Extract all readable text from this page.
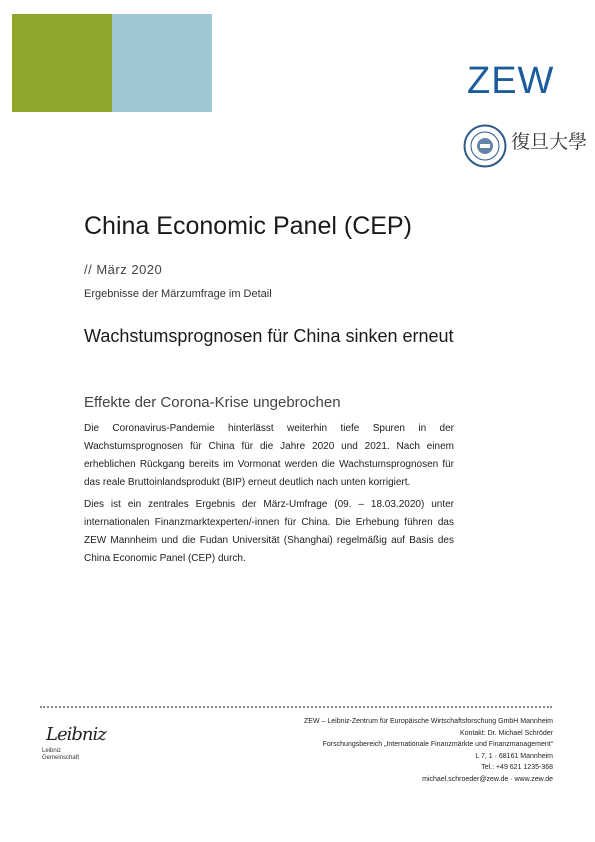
ZEW
復旦大學
China Economic Panel (CEP)
// März 2020
Ergebnisse der Märzumfrage im Detail
Wachstumsprognosen für China sinken erneut
Effekte der Corona-Krise ungebrochen

Die Coronavirus-Pandemie hinterlässt weiterhin tiefe Spuren in der Wachstumsprognosen für China für die Jahre 2020 und 2021. Nach einem erheblichen Rückgang bereits im Vormonat werden die Wachstumsprognosen für das reale Bruttoinlandsprodukt (BIP) erneut deutlich nach unten korrigiert.

Dies ist ein zentrales Ergebnis der März-Umfrage (09. – 18.03.2020) unter internationalen Finanzmarktexperten/-innen für China. Die Erhebung führen das ZEW Mannheim und die Fudan Universität (Shanghai) regelmäßig auf Basis des China Economic Panel (CEP) durch.

Leibniz
Leibniz
Gemeinschaft
ZEW – Leibniz-Zentrum für Europäische Wirtschaftsforschung GmbH Mannheim
Kontakt: Dr. Michael Schröder
Forschungsbereich „Internationale Finanzmärkte und Finanzmanagement“
L 7, 1 · 68161 Mannheim
Tel.: +49 621 1235-368
michael.schroeder@zew.de · www.zew.de
